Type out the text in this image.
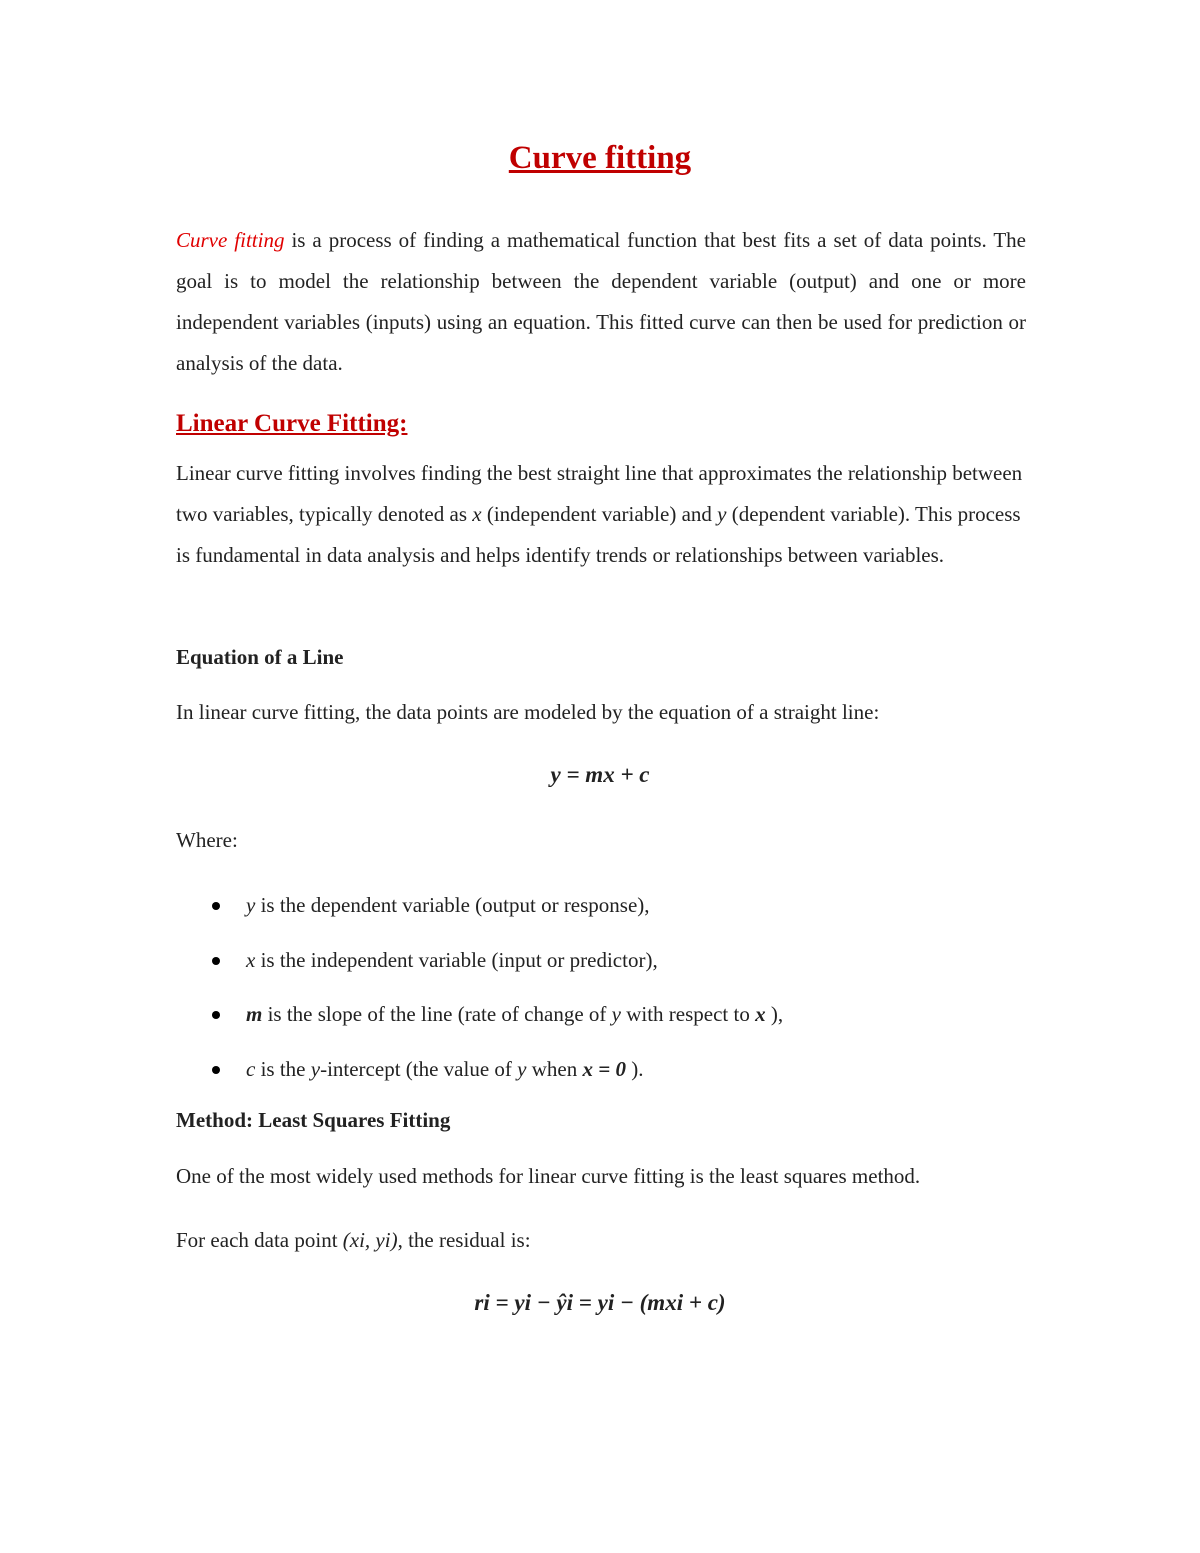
Curve fitting

Curve fitting is a process of finding a mathematical function that best fits a set of data points. The goal is to model the relationship between the dependent variable (output) and one or more independent variables (inputs) using an equation. This fitted curve can then be used for prediction or analysis of the data.

Linear Curve Fitting:

Linear curve fitting involves finding the best straight line that approximates the relationship between two variables, typically denoted as x (independent variable) and y (dependent variable). This process is fundamental in data analysis and helps identify trends or relationships between variables.

Equation of a Line

In linear curve fitting, the data points are modeled by the equation of a straight line:

y = mx + c

Where:

y is the dependent variable (output or response),
x is the independent variable (input or predictor),
m is the slope of the line (rate of change of y with respect to x ),
c is the y-intercept (the value of y when x = 0 ).
Method: Least Squares Fitting

One of the most widely used methods for linear curve fitting is the least squares method.

For each data point (xi, yi), the residual is:

ri = yi − ŷi = yi − (mxi + c)
